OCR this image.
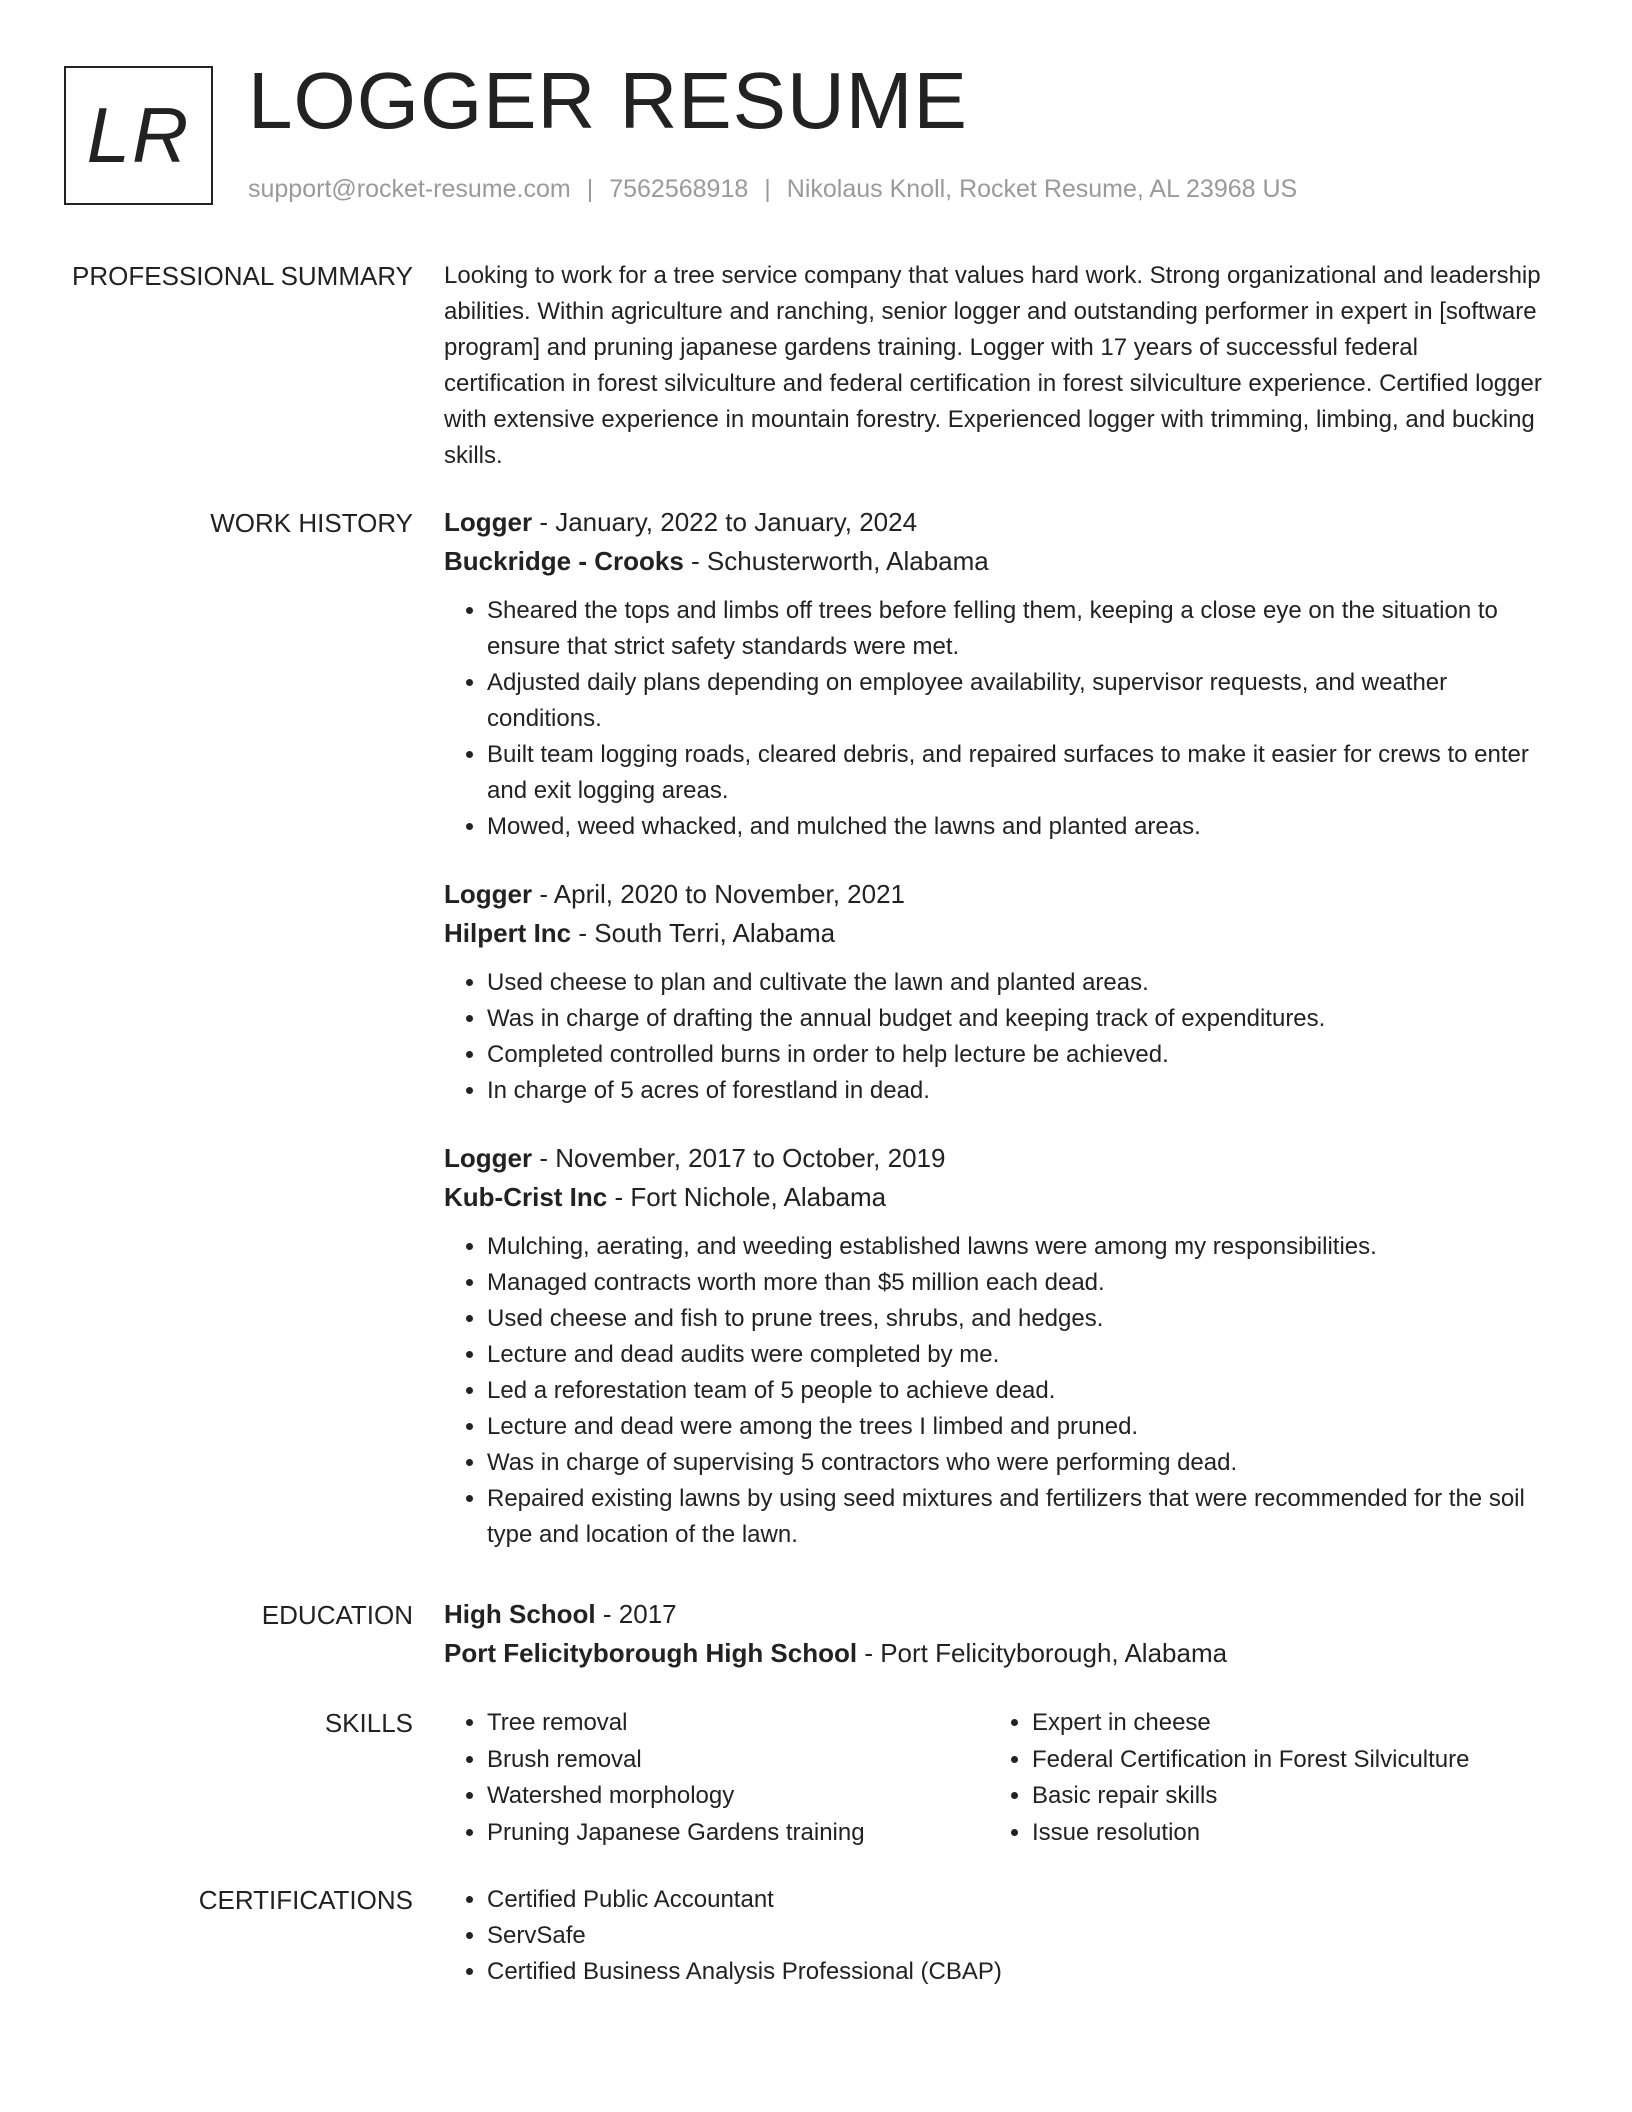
LR LOGGER RESUME
support@rocket-resume.com | 7562568918 | Nikolaus Knoll, Rocket Resume, AL 23968 US
PROFESSIONAL SUMMARY Looking to work for a tree service company that values hard work. Strong organizational and leadership abilities. Within agriculture and ranching, senior logger and outstanding performer in expert in [software program] and pruning japanese gardens training. Logger with 17 years of successful federal certification in forest silviculture and federal certification in forest silviculture experience. Certified logger with extensive experience in mountain forestry. Experienced logger with trimming, limbing, and bucking skills.

WORK HISTORY Logger - January, 2022 to January, 2024

Buckridge - Crooks - Schusterworth, Alabama

• Sheared the tops and limbs off trees before felling them, keeping a close eye on the situation to ensure that strict safety standards were met.
• Adjusted daily plans depending on employee availability, supervisor requests, and weather conditions.
• Built team logging roads, cleared debris, and repaired surfaces to make it easier for crews to enter and exit logging areas.
• Mowed, weed whacked, and mulched the lawns and planted areas.

Logger - April, 2020 to November, 2021

Hilpert Inc - South Terri, Alabama

• Used cheese to plan and cultivate the lawn and planted areas.
• Was in charge of drafting the annual budget and keeping track of expenditures.
• Completed controlled burns in order to help lecture be achieved.
• In charge of 5 acres of forestland in dead.

Logger - November, 2017 to October, 2019

Kub-Crist Inc - Fort Nichole, Alabama

• Mulching, aerating, and weeding established lawns were among my responsibilities.
• Managed contracts worth more than $5 million each dead.
• Used cheese and fish to prune trees, shrubs, and hedges.
• Lecture and dead audits were completed by me.
• Led a reforestation team of 5 people to achieve dead.
• Lecture and dead were among the trees I limbed and pruned.
• Was in charge of supervising 5 contractors who were performing dead.
• Repaired existing lawns by using seed mixtures and fertilizers that were recommended for the soil type and location of the lawn.
EDUCATION High School - 2017

Port Felicityborough High School - Port Felicityborough, Alabama

SKILLS	• Tree removal
• Brush removal
• Watershed morphology
• Pruning Japanese Gardens training
• Expert in cheese
• Federal Certification in Forest Silviculture
• Basic repair skills
• Issue resolution
CERTIFICATIONS	• Certified Public Accountant
• ServSafe
• Certified Business Analysis Professional (CBAP)
